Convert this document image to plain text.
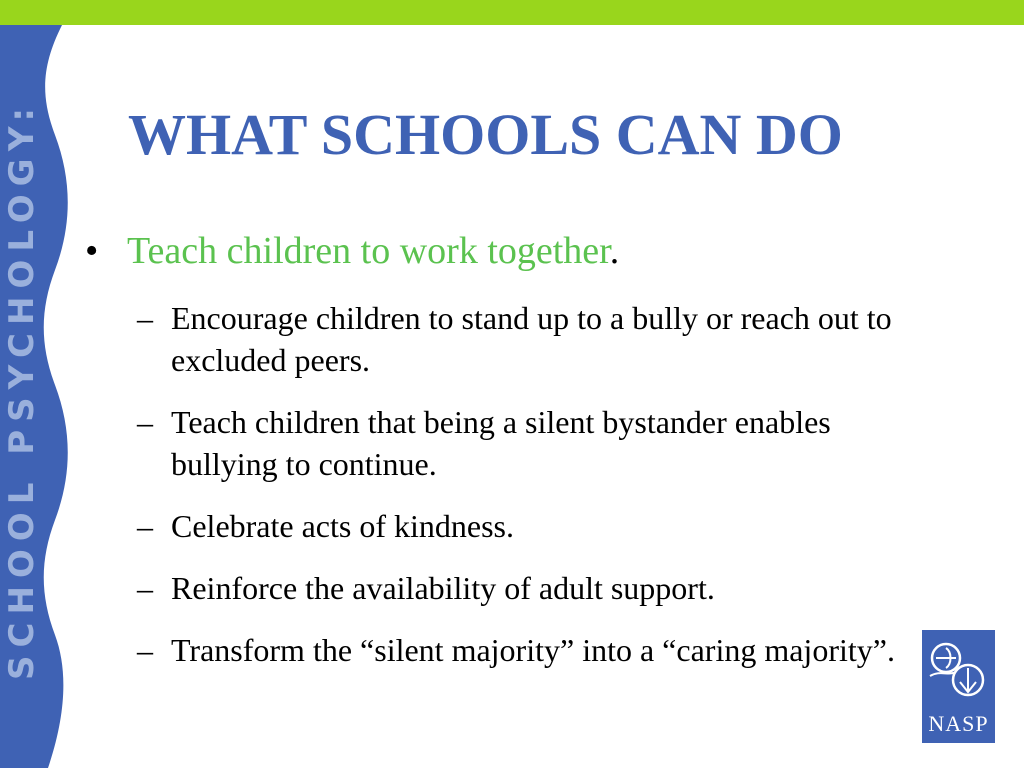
SCHOOL PSYCHOLOGY: WHAT SCHOOLS CAN DO
• Teach children to work together.
– Encourage children to stand up to a bully or reach out to excluded peers.
– Teach children that being a silent bystander enables bullying to continue.
– Celebrate acts of kindness.
– Reinforce the availability of adult support.
– Transform the “silent majority” into a “caring majority”.
NASP
